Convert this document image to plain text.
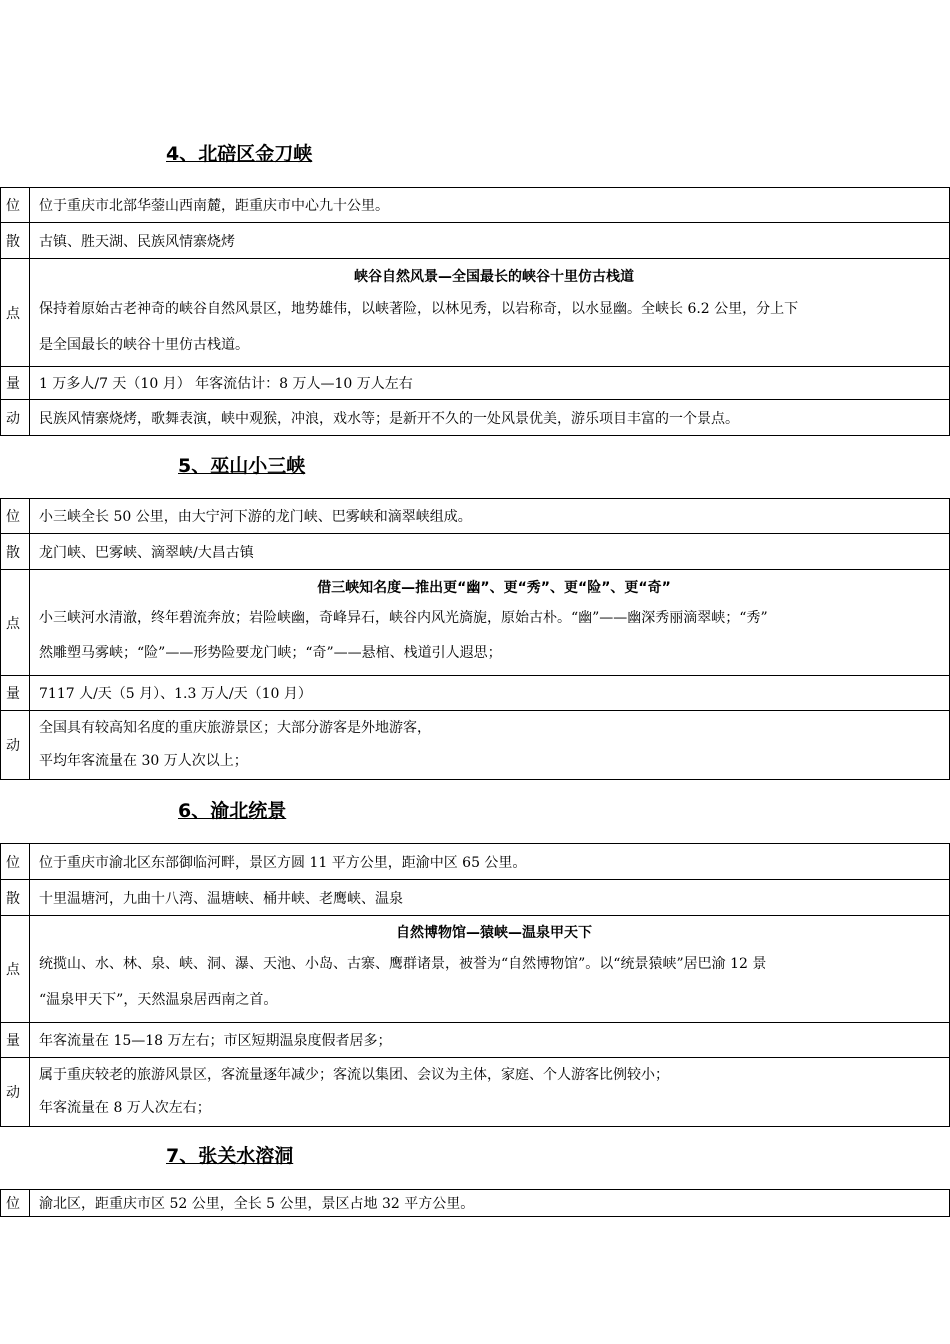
4、北碚区金刀峡
位	位于重庆市北部华蓥山西南麓，距重庆市中心九十公里。

散	古镇、胜天湖、民族风情寨烧烤

点	峡谷自然风景—全国最长的峡谷十里仿古栈道
保持着原始古老神奇的峡谷自然风景区，地势雄伟，以峡著险，以林见秀，以岩称奇，以水显幽。全峡长 6.2 公里，分上下
是全国最长的峡谷十里仿古栈道。

量	1 万多人/7 天（10 月） 年客流估计：8 万人—10 万人左右

动	民族风情寨烧烤，歌舞表演，峡中观猴，冲浪，戏水等；是新开不久的一处风景优美，游乐项目丰富的一个景点。
5、巫山小三峡
位	小三峡全长 50 公里，由大宁河下游的龙门峡、巴雾峡和滴翠峡组成。

散	龙门峡、巴雾峡、滴翠峡/大昌古镇

点	借三峡知名度—推出更“幽”、更“秀”、更“险”、更“奇”
小三峡河水清澈，终年碧流奔放；岩险峡幽，奇峰异石，峡谷内风光旖旎，原始古朴。“幽”——幽深秀丽滴翠峡；“秀”
然雕塑马雾峡；“险”——形势险要龙门峡；“奇”——悬棺、栈道引人遐思；

量	7117 人/天（5 月）、1.3 万人/天（10 月）

动	全国具有较高知名度的重庆旅游景区；大部分游客是外地游客，
平均年客流量在 30 万人次以上；
6、渝北统景
位	位于重庆市渝北区东部御临河畔，景区方圆 11 平方公里，距渝中区 65 公里。

散	十里温塘河，九曲十八湾、温塘峡、桶井峡、老鹰峡、温泉

点	自然博物馆—猿峡—温泉甲天下
统揽山、水、林、泉、峡、洞、瀑、天池、小岛、古寨、鹰群诸景，被誉为“自然博物馆”。以“统景猿峡”居巴渝 12 景
“温泉甲天下”，天然温泉居西南之首。

量	年客流量在 15—18 万左右；市区短期温泉度假者居多；

动	属于重庆较老的旅游风景区，客流量逐年减少；客流以集团、会议为主体，家庭、个人游客比例较小；
年客流量在 8 万人次左右；
7、张关水溶洞
位	渝北区，距重庆市区 52 公里，全长 5 公里，景区占地 32 平方公里。
